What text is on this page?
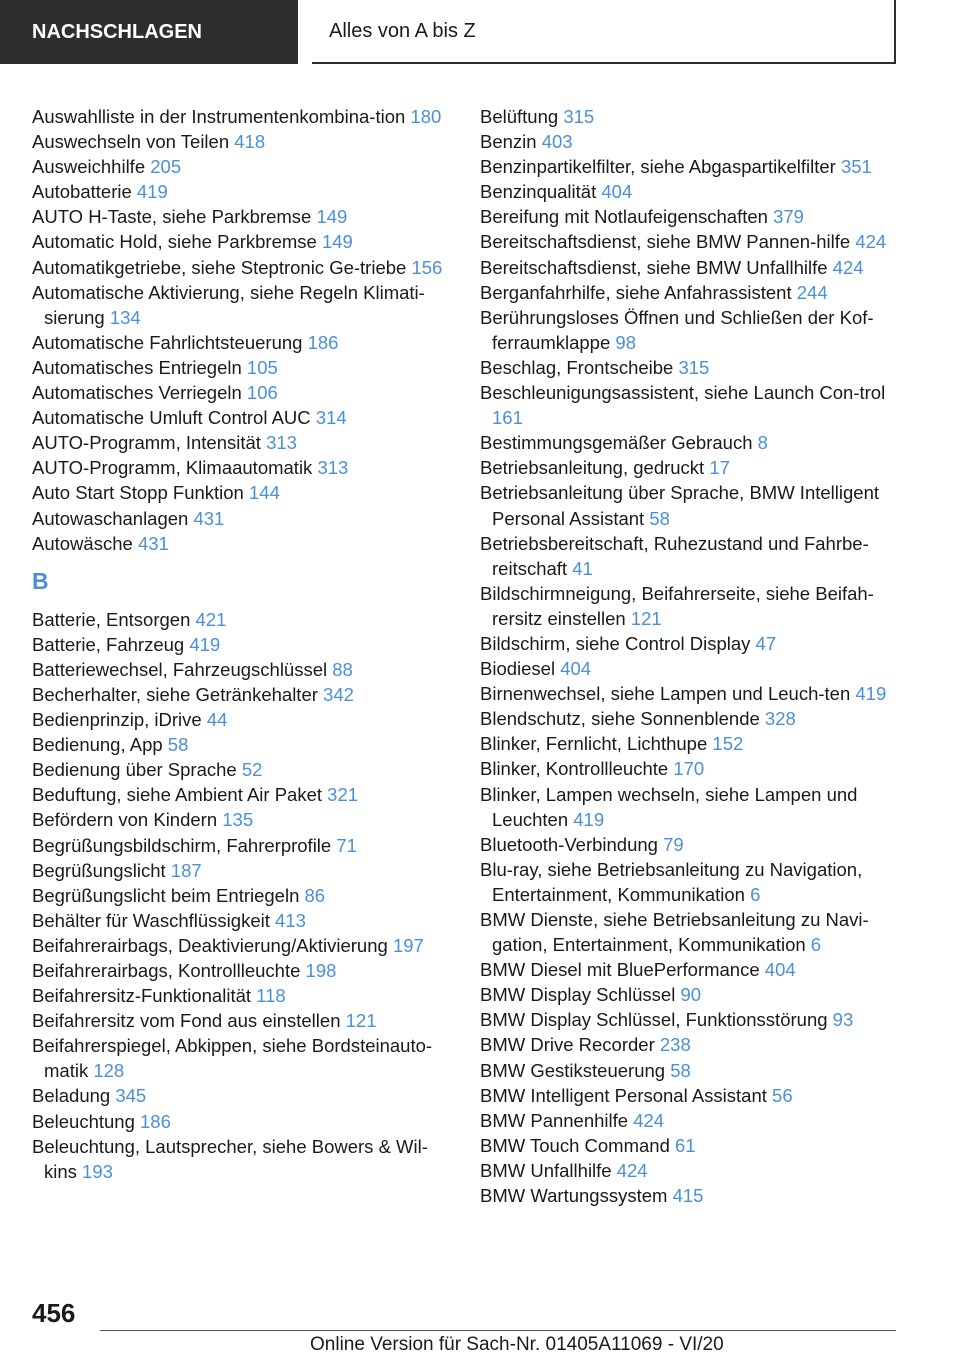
NACHSCHLAGEN	Alles von A bis Z
Auswahlliste in der Instrumentenkombina-tion 180
Auswechseln von Teilen 418
Ausweichhilfe 205
Autobatterie 419
AUTO H-Taste, siehe Parkbremse 149
Automatic Hold, siehe Parkbremse 149
Automatikgetriebe, siehe Steptronic Ge-triebe 156
Automatische Aktivierung, siehe Regeln Klimati-sierung 134
Automatische Fahrlichtsteuerung 186
Automatisches Entriegeln 105
Automatisches Verriegeln 106
Automatische Umluft Control AUC 314
AUTO-Programm, Intensität 313
AUTO-Programm, Klimaautomatik 313
Auto Start Stopp Funktion 144
Autowaschanlagen 431
Autowäsche 431
B
Batterie, Entsorgen 421
Batterie, Fahrzeug 419
Batteriewechsel, Fahrzeugschlüssel 88
Becherhalter, siehe Getränkehalter 342
Bedienprinzip, iDrive 44
Bedienung, App 58
Bedienung über Sprache 52
Beduftung, siehe Ambient Air Paket 321
Befördern von Kindern 135
Begrüßungsbildschirm, Fahrerprofile 71
Begrüßungslicht 187
Begrüßungslicht beim Entriegeln 86
Behälter für Waschflüssigkeit 413
Beifahrerairbags, Deaktivierung/Aktivierung 197
Beifahrerairbags, Kontrollleuchte 198
Beifahrersitz-Funktionalität 118
Beifahrersitz vom Fond aus einstellen 121
Beifahrerspiegel, Abkippen, siehe Bordsteinauto-matik 128
Beladung 345
Beleuchtung 186
Beleuchtung, Lautsprecher, siehe Bowers & Wil-kins 193
Belüftung 315
Benzin 403
Benzinpartikelfilter, siehe Abgaspartikelfilter 351
Benzinqualität 404
Bereifung mit Notlaufeigenschaften 379
Bereitschaftsdienst, siehe BMW Pannen-hilfe 424
Bereitschaftsdienst, siehe BMW Unfallhilfe 424
Berganfahrhilfe, siehe Anfahrassistent 244
Berührungsloses Öffnen und Schließen der Kof-ferraumklappe 98
Beschlag, Frontscheibe 315
Beschleunigungsassistent, siehe Launch Con-trol 161
Bestimmungsgemäßer Gebrauch 8
Betriebsanleitung, gedruckt 17
Betriebsanleitung über Sprache, BMW Intelligent Personal Assistant 58
Betriebsbereitschaft, Ruhezustand und Fahrbe-reitschaft 41
Bildschirmneigung, Beifahrerseite, siehe Beifah-rersitz einstellen 121
Bildschirm, siehe Control Display 47
Biodiesel 404
Birnenwechsel, siehe Lampen und Leuch-ten 419
Blendschutz, siehe Sonnenblende 328
Blinker, Fernlicht, Lichthupe 152
Blinker, Kontrollleuchte 170
Blinker, Lampen wechseln, siehe Lampen und Leuchten 419
Bluetooth-Verbindung 79
Blu-ray, siehe Betriebsanleitung zu Navigation, Entertainment, Kommunikation 6
BMW Dienste, siehe Betriebsanleitung zu Navi-gation, Entertainment, Kommunikation 6
BMW Diesel mit BluePerformance 404
BMW Display Schlüssel 90
BMW Display Schlüssel, Funktionsstörung 93
BMW Drive Recorder 238
BMW Gestiksteuerung 58
BMW Intelligent Personal Assistant 56
BMW Pannenhilfe 424
BMW Touch Command 61
BMW Unfallhilfe 424
BMW Wartungssystem 415
456
Online Version für Sach-Nr. 01405A11069 - VI/20
